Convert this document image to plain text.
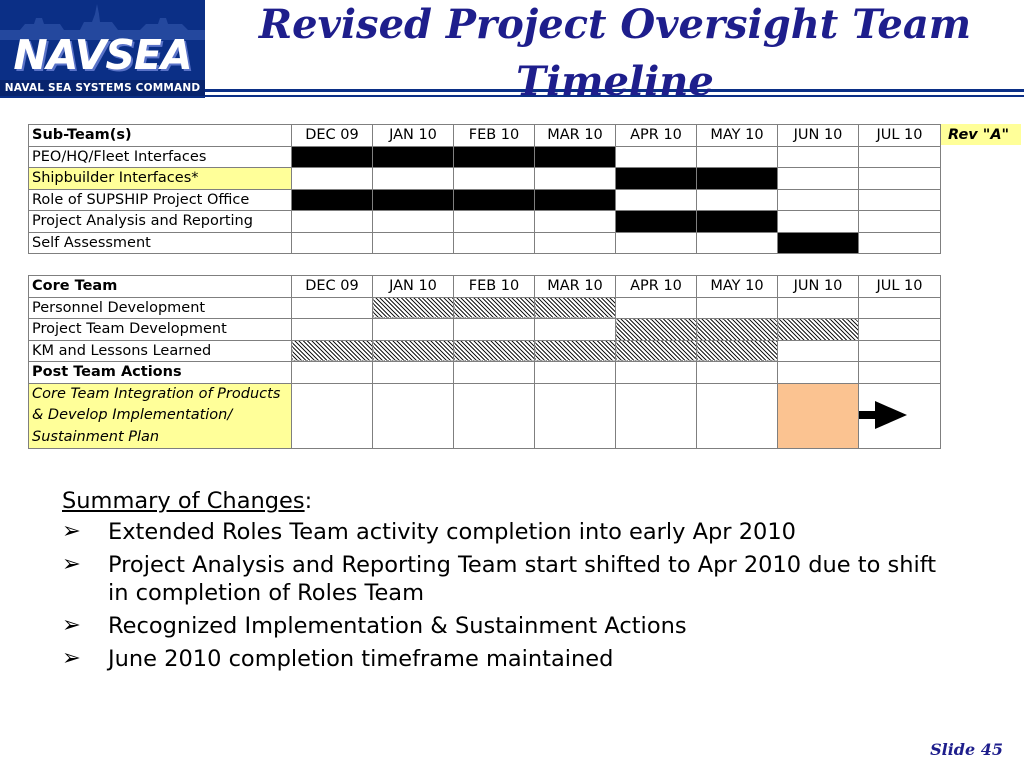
NAVSEA
NAVAL SEA SYSTEMS COMMAND
Revised Project Oversight Team Timeline
Sub-Team(s)	DEC 09	JAN 10	FEB 10	MAR 10	APR 10	MAY 10	JUN 10	JUL 10
PEO/HQ/Fleet Interfaces								
Shipbuilder Interfaces*								
Role of SUPSHIP Project Office								
Project Analysis and Reporting								
Self Assessment								
Rev "A"
Core Team	DEC 09	JAN 10	FEB 10	MAR 10	APR 10	MAY 10	JUN 10	JUL 10
Personnel Development								
Project Team Development								
KM and Lessons Learned								
Post Team Actions								

Core Team Integration of Products
& Develop Implementation/
Sustainment Plan

Summary of Changes:
➢ Extended Roles Team activity completion into early Apr 2010
➢ Project Analysis and Reporting Team start shifted to Apr 2010 due to shift in completion of Roles Team
➢ Recognized Implementation & Sustainment Actions
➢ June 2010 completion timeframe maintained
Slide 45
